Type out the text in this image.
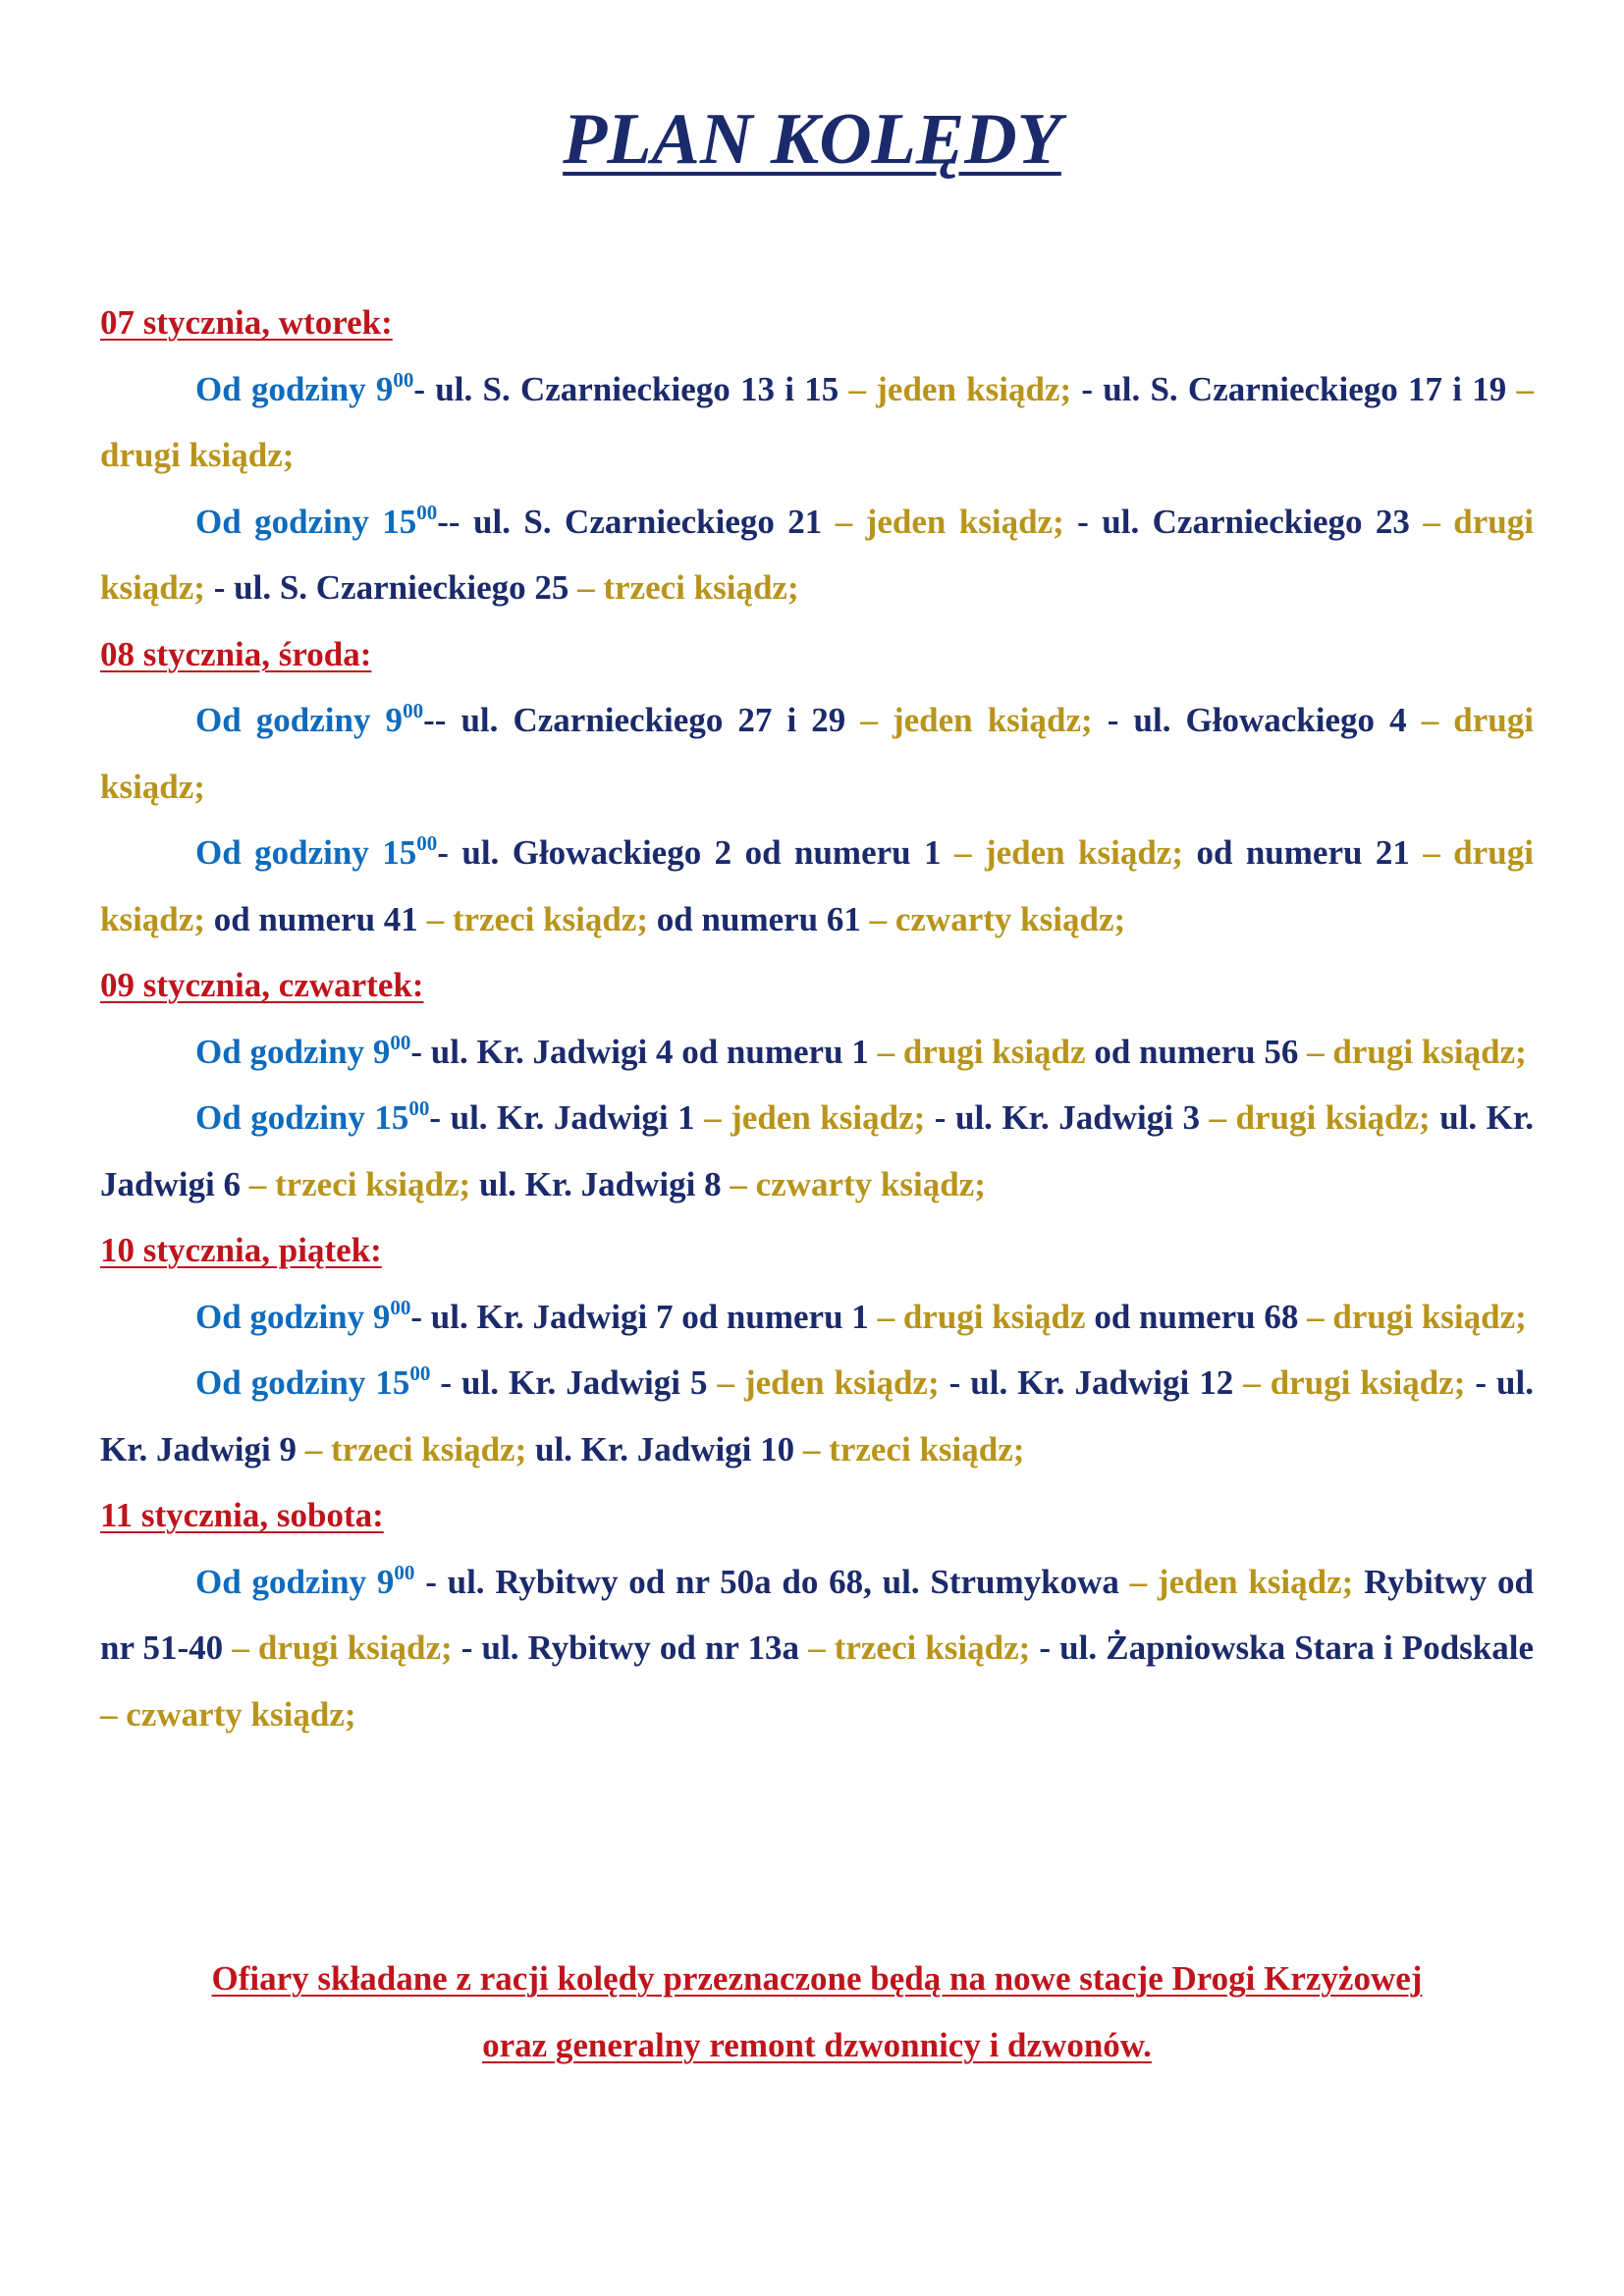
PLAN KOLĘDY
07 stycznia, wtorek:

Od godziny $9^{00}-$ ul. S. Czarnieckiego 13 i 15 – jeden ksiądz; - ul. S. Czarnieckiego 17 i 19 – drugi ksiądz;

Od godziny $15^{00}--$ ul. S. Czarnieckiego 21 – jeden ksiądz; - ul. Czarnieckiego 23 – drugi ksiądz; - ul. S. Czarnieckiego 25 – trzeci ksiądz;

08 stycznia, środa:

Od godziny $9^{00}--$ ul. Czarnieckiego 27 i 29 – jeden ksiądz; - ul. Głowackiego 4 – drugi ksiądz;

Od godziny $15^{00}-$ ul. Głowackiego 2 od numeru 1 – jeden ksiądz; od numeru 21 – drugi ksiądz; od numeru 41 – trzeci ksiądz; od numeru 61 – czwarty ksiądz;

09 stycznia, czwartek:

Od godziny $9^{00}-$ ul. Kr. Jadwigi 4 od numeru 1 – drugi ksiądz od numeru 56 – drugi ksiądz;

Od godziny $15^{00}-$ ul. Kr. Jadwigi 1 – jeden ksiądz; - ul. Kr. Jadwigi 3 – drugi ksiądz; ul. Kr. Jadwigi 6 – trzeci ksiądz; ul. Kr. Jadwigi 8 – czwarty ksiądz;

10 stycznia, piątek:

Od godziny $9^{00}-$ ul. Kr. Jadwigi 7 od numeru 1 – drugi ksiądz od numeru 68 – drugi ksiądz;

Od godziny $15^{00}$ - ul. Kr. Jadwigi 5 – jeden ksiądz; - ul. Kr. Jadwigi 12 – drugi ksiądz; - ul. Kr. Jadwigi 9 – trzeci ksiądz; ul. Kr. Jadwigi 10 – trzeci ksiądz;

11 stycznia, sobota:

Od godziny $9^{00}$ - ul. Rybitwy od nr 50a do 68, ul. Strumykowa – jeden ksiądz; Rybitwy od nr 51-40 – drugi ksiądz; - ul. Rybitwy od nr 13a – trzeci ksiądz; - ul. Żapniowska Stara i Podskale – czwarty ksiądz;

Ofiary składane z racji kolędy przeznaczone będą na nowe stacje Drogi Krzyżowej
oraz generalny remont dzwonnicy i dzwonów.
